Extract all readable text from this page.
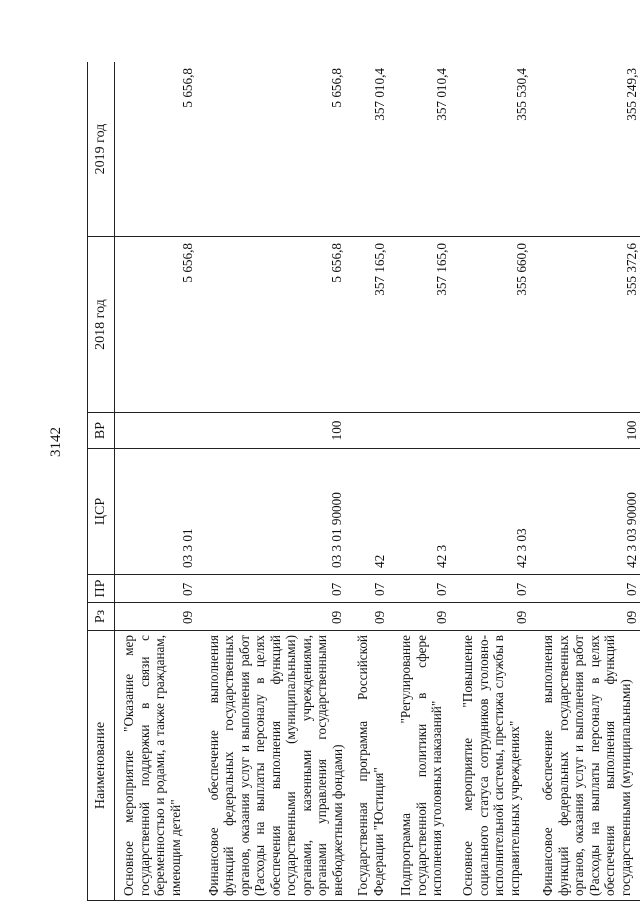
3142
Наименование	Рз	ПР	ЦСР	ВР	2018 год	2019 год
Основное мероприятие "Оказание мер государственной поддержки в связи с беременностью и родами, а также гражданам, имеющим детей"	09	07	03 3 01		5 656,8	5 656,8
Финансовое обеспечение выполнения функций федеральных государственных органов, оказания услуг и выполнения работ (Расходы на выплаты персоналу в целях обеспечения выполнения функций государственными (муниципальными) органами, казенными учреждениями, органами управления государственными внебюджетными фондами)	09	07	03 3 01 90000	100	5 656,8	5 656,8
Государственная программа Российской Федерации "Юстиция"	09	07	42		357 165,0	357 010,4
Подпрограмма "Регулирование государственной политики в сфере исполнения уголовных наказаний"	09	07	42 3		357 165,0	357 010,4
Основное мероприятие "Повышение социального статуса сотрудников уголовно-исполнительной системы, престижа службы в исправительных учреждениях"	09	07	42 3 03		355 660,0	355 530,4
Финансовое обеспечение выполнения функций федеральных государственных органов, оказания услуг и выполнения работ (Расходы на выплаты персоналу в целях обеспечения выполнения функций государственными (муниципальными)	09	07	42 3 03 90000	100	355 372,6	355 249,3
